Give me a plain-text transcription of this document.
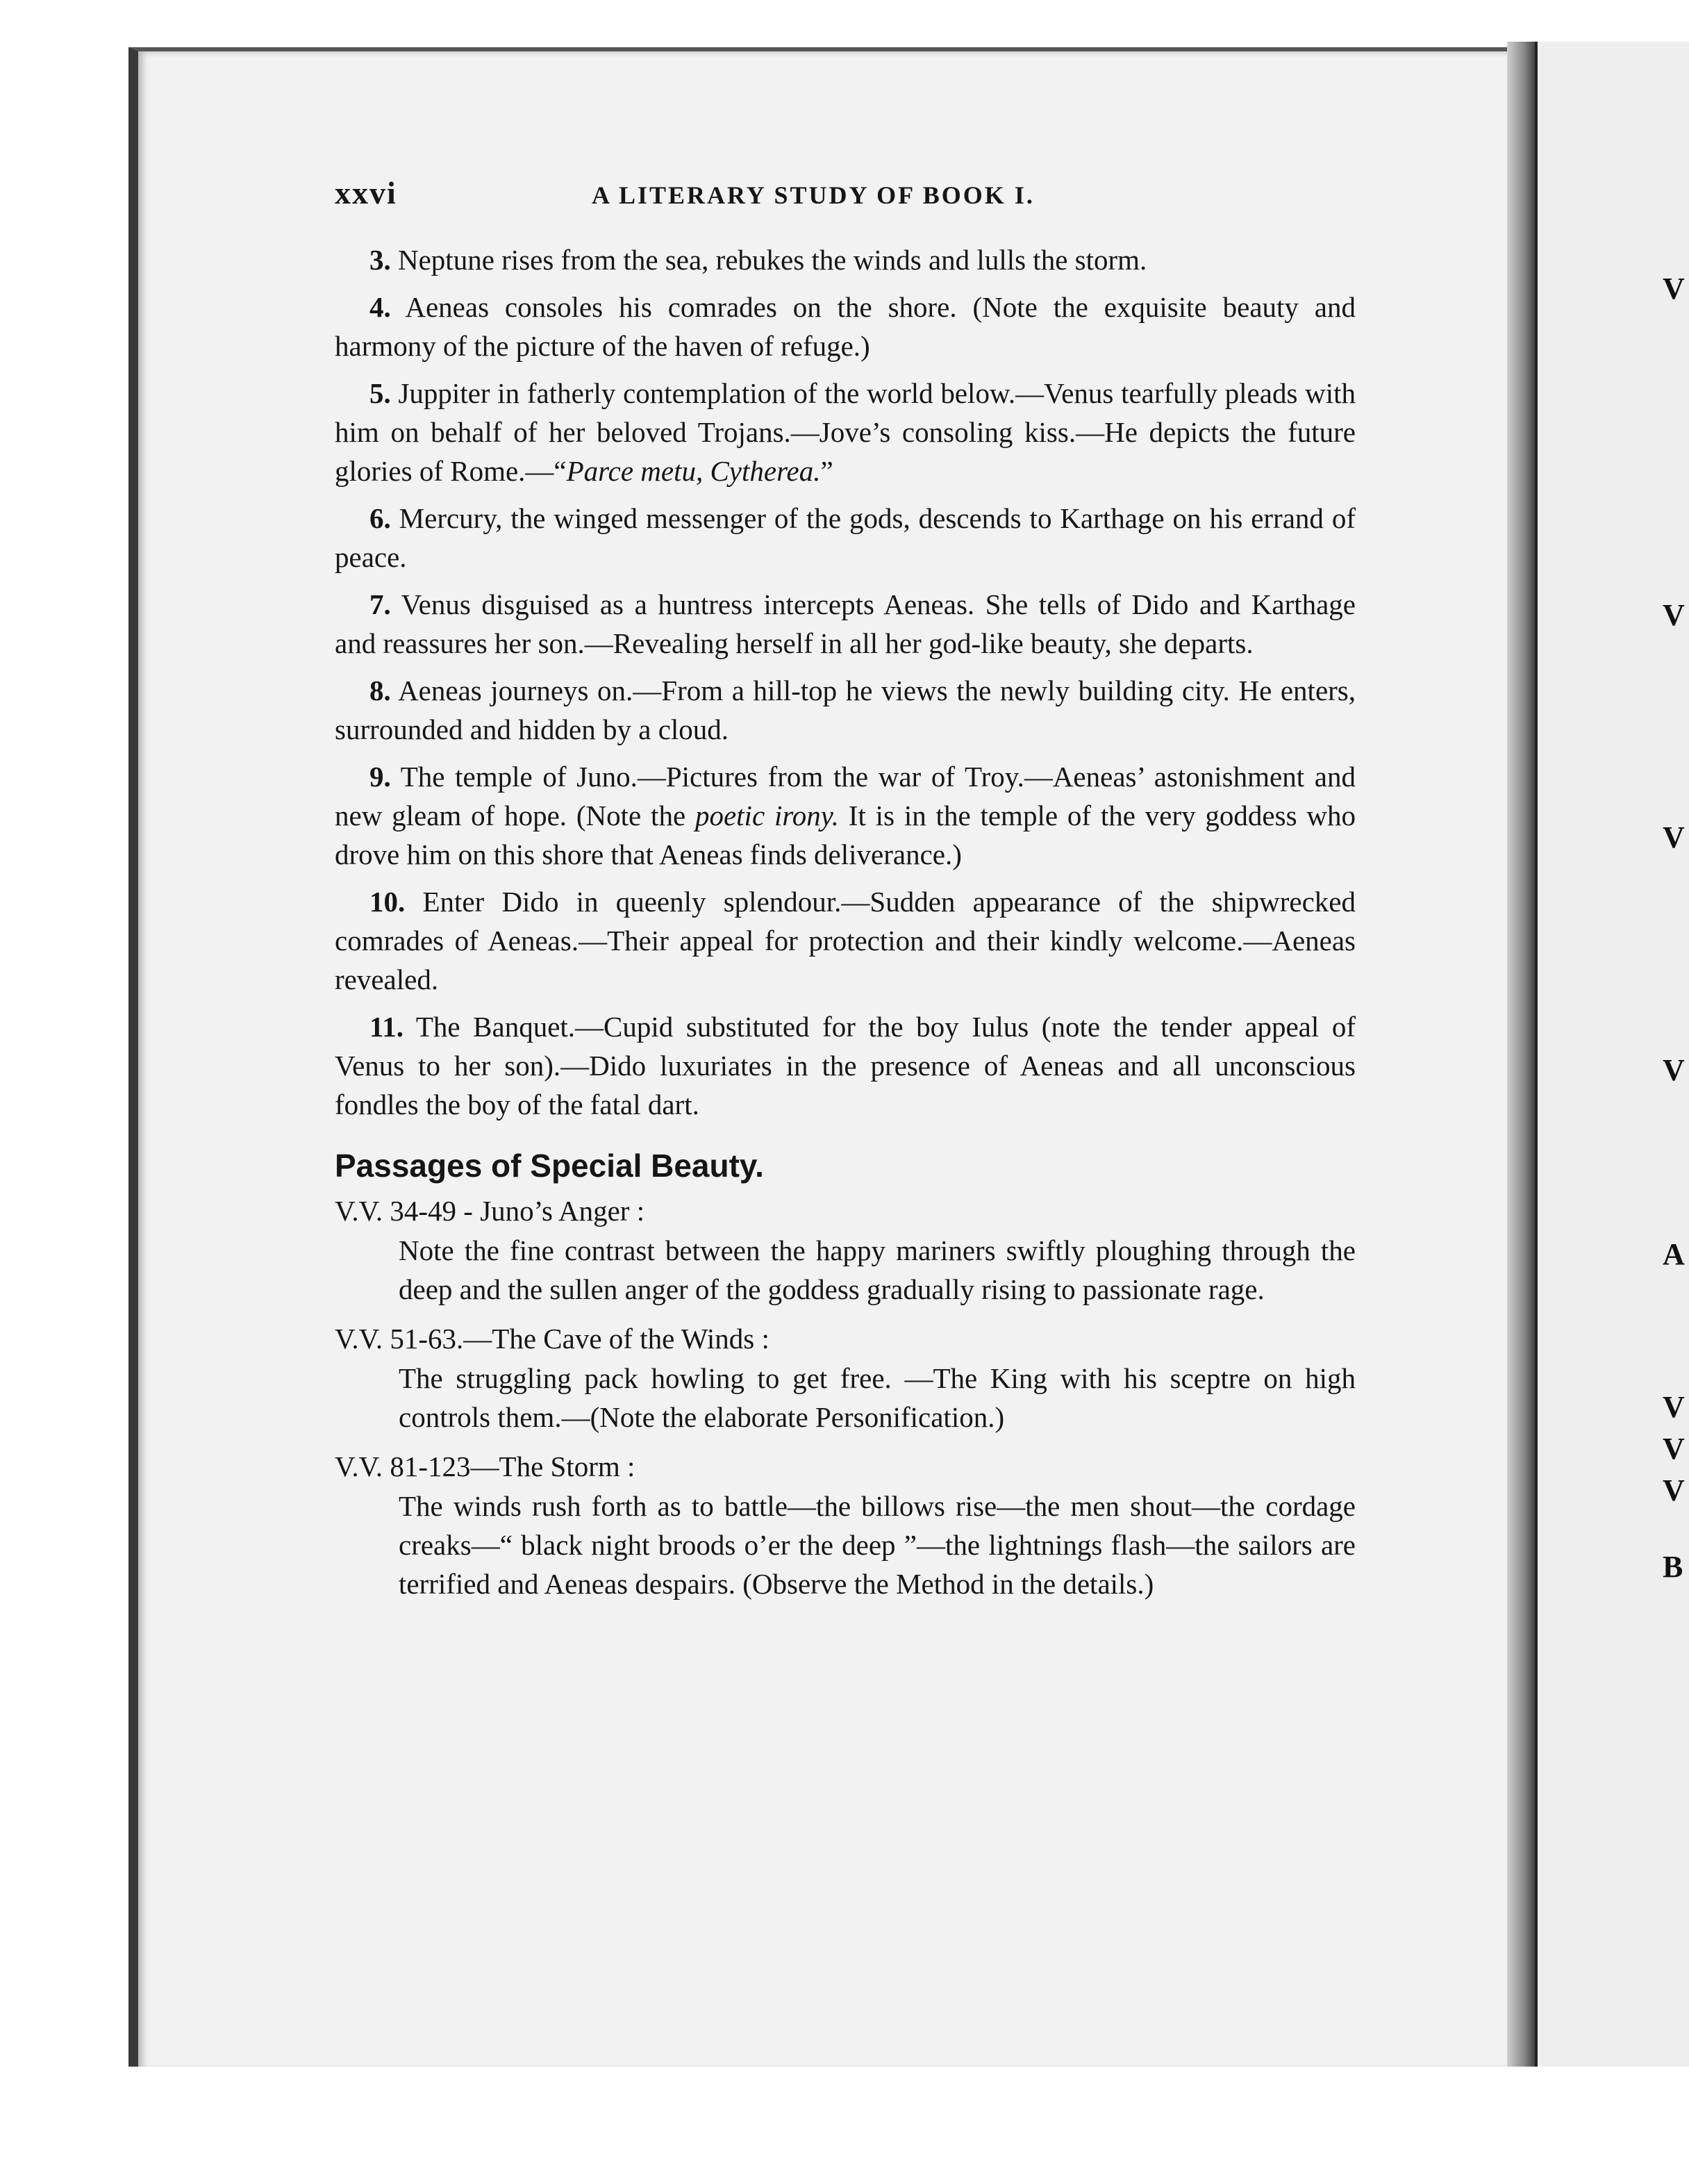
V
V
V
V
A
V
V
V
B
xxvi	A LITERARY STUDY OF BOOK I.

3. Neptune rises from the sea, rebukes the winds and lulls the storm.

4. Aeneas consoles his comrades on the shore. (Note the exquisite beauty and harmony of the picture of the haven of refuge.)

5. Juppiter in fatherly contemplation of the world below.—Venus tearfully pleads with him on behalf of her beloved Trojans.—Jove’s consoling kiss.—He depicts the future glories of Rome.—“Parce metu, Cytherea.”

6. Mercury, the winged messenger of the gods, descends to Karthage on his errand of peace.

7. Venus disguised as a huntress intercepts Aeneas. She tells of Dido and Karthage and reassures her son.—Revealing herself in all her god-like beauty, she departs.

8. Aeneas journeys on.—From a hill-top he views the newly building city. He enters, surrounded and hidden by a cloud.

9. The temple of Juno.—Pictures from the war of Troy.—Aeneas’ astonishment and new gleam of hope. (Note the poetic irony. It is in the temple of the very goddess who drove him on this shore that Aeneas finds deliverance.)

10. Enter Dido in queenly splendour.—Sudden appearance of the shipwrecked comrades of Aeneas.—Their appeal for protection and their kindly welcome.—Aeneas revealed.

11. The Banquet.—Cupid substituted for the boy Iulus (note the tender appeal of Venus to her son).—Dido luxuriates in the presence of Aeneas and all unconscious fondles the boy of the fatal dart.

Passages of Special Beauty.
V.V. 34-49 - Juno’s Anger :
Note the fine contrast between the happy mariners swiftly ploughing through the deep and the sullen anger of the goddess gradually rising to passionate rage.
V.V. 51-63.—The Cave of the Winds :
The struggling pack howling to get free. —The King with his sceptre on high controls them.—(Note the elaborate Personification.)
V.V. 81-123—The Storm :
The winds rush forth as to battle—the billows rise—the men shout—the cordage creaks—“ black night broods o’er the deep ”—the lightnings flash—the sailors are terrified and Aeneas despairs. (Observe the Method in the details.)
